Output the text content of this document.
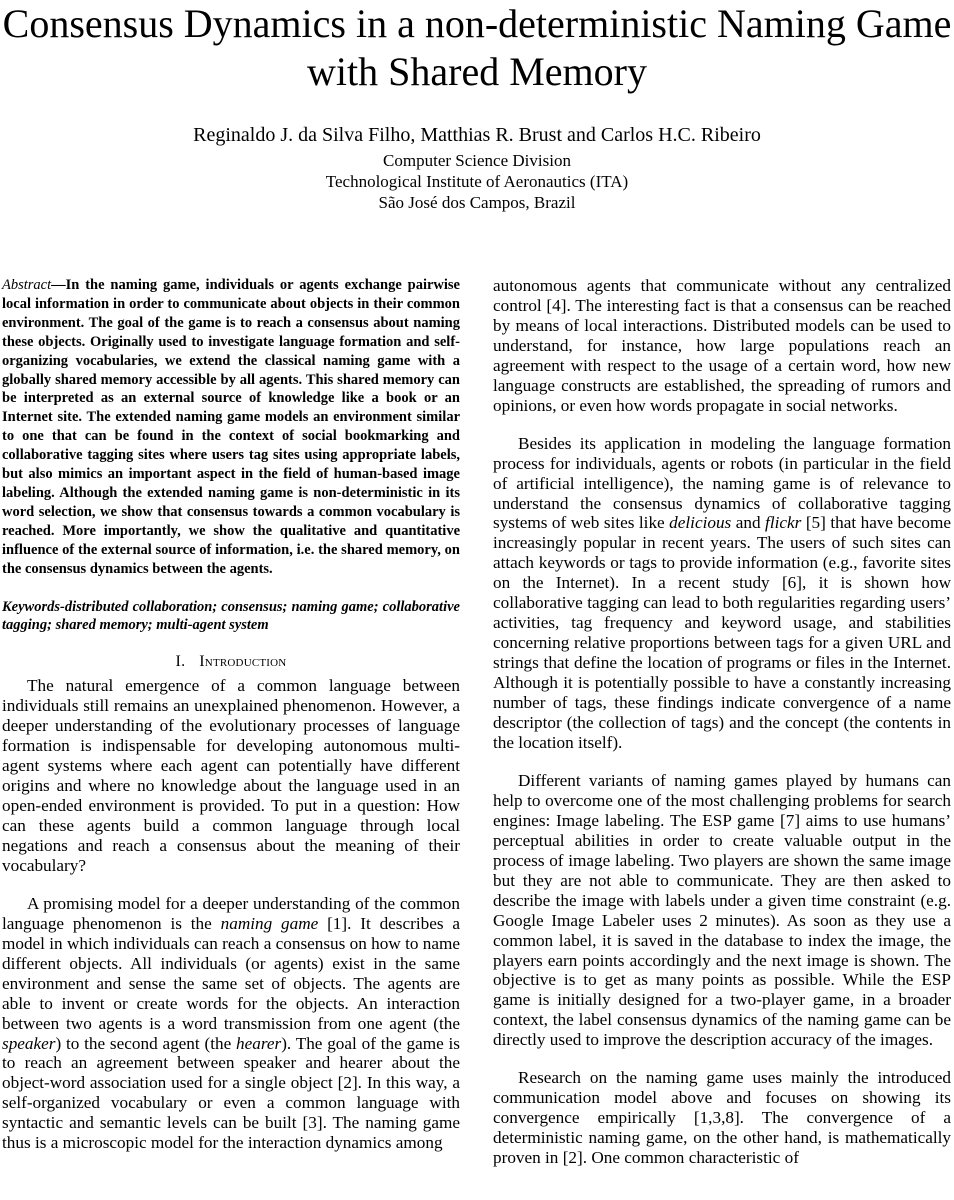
Consensus Dynamics in a non-deterministic Naming Game with Shared Memory
Reginaldo J. da Silva Filho, Matthias R. Brust and Carlos H.C. Ribeiro
Computer Science Division
Technological Institute of Aeronautics (ITA)
São José dos Campos, Brazil

Abstract—In the naming game, individuals or agents exchange pairwise local information in order to communicate about objects in their common environment. The goal of the game is to reach a consensus about naming these objects. Originally used to investigate language formation and self-organizing vocabularies, we extend the classical naming game with a globally shared memory accessible by all agents. This shared memory can be interpreted as an external source of knowledge like a book or an Internet site. The extended naming game models an environment similar to one that can be found in the context of social bookmarking and collaborative tagging sites where users tag sites using appropriate labels, but also mimics an important aspect in the field of human-based image labeling. Although the extended naming game is non-deterministic in its word selection, we show that consensus towards a common vocabulary is reached. More importantly, we show the qualitative and quantitative influence of the external source of information, i.e. the shared memory, on the consensus dynamics between the agents.

Keywords-distributed collaboration; consensus; naming game; collaborative tagging; shared memory; multi-agent system

I. Introduction

The natural emergence of a common language between individuals still remains an unexplained phenomenon. However, a deeper understanding of the evolutionary processes of language formation is indispensable for developing autonomous multi-agent systems where each agent can potentially have different origins and where no knowledge about the language used in an open-ended environment is provided. To put in a question: How can these agents build a common language through local negations and reach a consensus about the meaning of their vocabulary?

A promising model for a deeper understanding of the common language phenomenon is the naming game [1]. It describes a model in which individuals can reach a consensus on how to name different objects. All individuals (or agents) exist in the same environment and sense the same set of objects. The agents are able to invent or create words for the objects. An interaction between two agents is a word transmission from one agent (the speaker) to the second agent (the hearer). The goal of the game is to reach an agreement between speaker and hearer about the object-word association used for a single object [2]. In this way, a self-organized vocabulary or even a common language with syntactic and semantic levels can be built [3]. The naming game thus is a microscopic model for the interaction dynamics among

autonomous agents that communicate without any centralized control [4]. The interesting fact is that a consensus can be reached by means of local interactions. Distributed models can be used to understand, for instance, how large populations reach an agreement with respect to the usage of a certain word, how new language constructs are established, the spreading of rumors and opinions, or even how words propagate in social networks.

Besides its application in modeling the language formation process for individuals, agents or robots (in particular in the field of artificial intelligence), the naming game is of relevance to understand the consensus dynamics of collaborative tagging systems of web sites like delicious and flickr [5] that have become increasingly popular in recent years. The users of such sites can attach keywords or tags to provide information (e.g., favorite sites on the Internet). In a recent study [6], it is shown how collaborative tagging can lead to both regularities regarding users’ activities, tag frequency and keyword usage, and stabilities concerning relative proportions between tags for a given URL and strings that define the location of programs or files in the Internet. Although it is potentially possible to have a constantly increasing number of tags, these findings indicate convergence of a name descriptor (the collection of tags) and the concept (the contents in the location itself).

Different variants of naming games played by humans can help to overcome one of the most challenging problems for search engines: Image labeling. The ESP game [7] aims to use humans’ perceptual abilities in order to create valuable output in the process of image labeling. Two players are shown the same image but they are not able to communicate. They are then asked to describe the image with labels under a given time constraint (e.g. Google Image Labeler uses 2 minutes). As soon as they use a common label, it is saved in the database to index the image, the players earn points accordingly and the next image is shown. The objective is to get as many points as possible. While the ESP game is initially designed for a two-player game, in a broader context, the label consensus dynamics of the naming game can be directly used to improve the description accuracy of the images.

Research on the naming game uses mainly the introduced communication model above and focuses on showing its convergence empirically [1,3,8]. The convergence of a deterministic naming game, on the other hand, is mathematically proven in [2]. One common characteristic of
